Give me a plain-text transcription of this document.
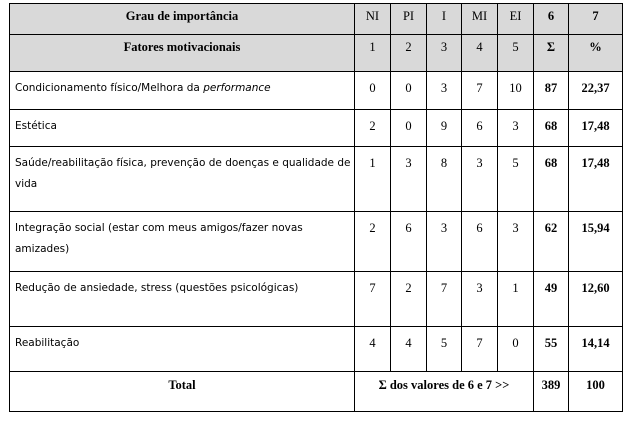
Grau de importância	NI	PI	I	MI	EI	6	7
Fatores motivacionais	1	2	3	4	5	Σ	%
Condicionamento físico/Melhora da performance	0	0	3	7	10	87	22,37
Estética	2	0	9	6	3	68	17,48
Saúde/reabilitação física, prevenção de doenças e qualidade de vida	1	3	8	3	5	68	17,48
Integração social (estar com meus amigos/fazer novas amizades)	2	6	3	6	3	62	15,94
Redução de ansiedade, stress (questões psicológicas)	7	2	7	3	1	49	12,60
Reabilitação	4	4	5	7	0	55	14,14
Total	Σ dos valores de 6 e 7 >>					389	100
